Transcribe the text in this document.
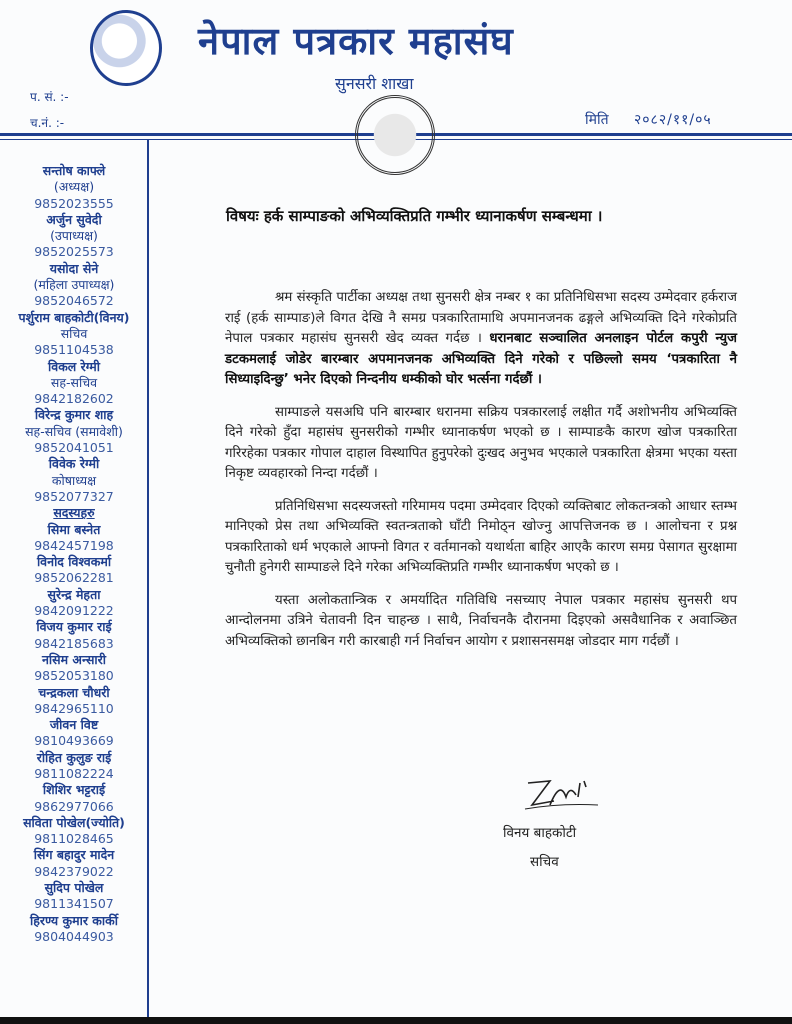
नेपाल पत्रकार महासंघ
सुनसरी शाखा
प. सं. :-
च.नं. :-	मिति २०८२/११/०५
सन्तोष काफ्ले
(अध्यक्ष)
9852023555
अर्जुन सुवेदी
(उपाध्यक्ष)
9852025573
यसोदा सेने
(महिला उपाध्यक्ष)
9852046572
पर्शुराम बाहकोटी(विनय)
सचिव
9851104538
विकल रेग्मी
सह-सचिव
9842182602
विरेन्द्र कुमार शाह
सह-सचिव (समावेशी)
9852041051
विवेक रेग्मी
कोषाध्यक्ष
9852077327
सदस्यहरु
सिमा बस्नेत
9842457198
विनोद विश्वकर्मा
9852062281
सुरेन्द्र मेहता
9842091222
विजय कुमार राई
9842185683
नसिम अन्सारी
9852053180
चन्द्रकला चौधरी
9842965110
जीवन विष्ट
9810493669
रोहित कुलुङ राई
9811082224
शिशिर भट्टराई
9862977066
सविता पोखेल(ज्योति)
9811028465
सिंग बहादुर मादेन
9842379022
सुदिप पोखेल
9811341507
हिरण्य कुमार कार्की
9804044903
विषयः हर्क साम्पाङको अभिव्यक्तिप्रति गम्भीर ध्यानाकर्षण सम्बन्धमा ।

श्रम संस्कृति पार्टीका अध्यक्ष तथा सुनसरी क्षेत्र नम्बर १ का प्रतिनिधिसभा सदस्य उम्मेदवार हर्कराज राई (हर्क साम्पाङ)ले विगत देखि नै समग्र पत्रकारितामाथि अपमानजनक ढङ्गले अभिव्यक्ति दिने गरेकोप्रति नेपाल पत्रकार महासंघ सुनसरी खेद व्यक्त गर्दछ । धरानबाट सञ्चालित अनलाइन पोर्टल कपुरी न्युज डटकमलाई जोडेर बारम्बार अपमानजनक अभिव्यक्ति दिने गरेको र पछिल्लो समय ‘पत्रकारिता नै सिध्याइदिन्छु’ भनेर दिएको निन्दनीय धम्कीको घोर भर्त्सना गर्दछौं ।

साम्पाङले यसअघि पनि बारम्बार धरानमा सक्रिय पत्रकारलाई लक्षीत गर्दै अशोभनीय अभिव्यक्ति दिने गरेको हुँदा महासंघ सुनसरीको गम्भीर ध्यानाकर्षण भएको छ । साम्पाङकै कारण खोज पत्रकारिता गरिरहेका पत्रकार गोपाल दाहाल विस्थापित हुनुपरेको दुःखद अनुभव भएकाले पत्रकारिता क्षेत्रमा भएका यस्ता निकृष्ट व्यवहारको निन्दा गर्दछौं ।

प्रतिनिधिसभा सदस्यजस्तो गरिमामय पदमा उम्मेदवार दिएको व्यक्तिबाट लोकतन्त्रको आधार स्तम्भ मानिएको प्रेस तथा अभिव्यक्ति स्वतन्त्रताको घाँटी निमोठ्न खोज्नु आपत्तिजनक छ । आलोचना र प्रश्न पत्रकारिताको धर्म भएकाले आफ्नो विगत र वर्तमानको यथार्थता बाहिर आएकै कारण समग्र पेसागत सुरक्षामा चुनौती हुनेगरी साम्पाङले दिने गरेका अभिव्यक्तिप्रति गम्भीर ध्यानाकर्षण भएको छ ।

यस्ता अलोकतान्त्रिक र अमर्यादित गतिविधि नसच्याए नेपाल पत्रकार महासंघ सुनसरी थप आन्दोलनमा उत्रिने चेतावनी दिन चाहन्छ । साथै, निर्वाचनकै दौरानमा दिइएको असवैधानिक र अवाञ्छित अभिव्यक्तिको छानबिन गरी कारबाही गर्न निर्वाचन आयोग र प्रशासनसमक्ष जोडदार माग गर्दछौं ।

विनय बाहकोटी
सचिव
